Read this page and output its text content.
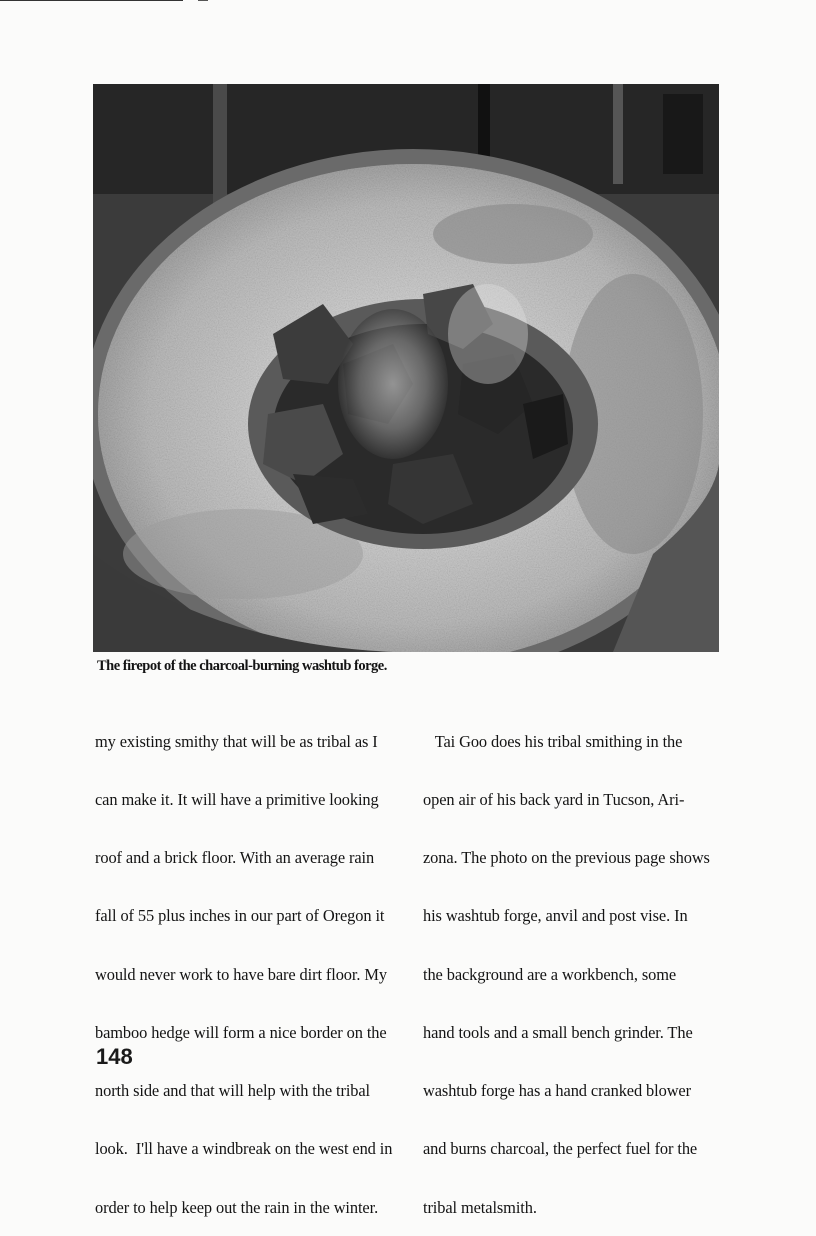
The firepot of the charcoal-burning washtub forge.

my existing smithy that will be as tribal as I

can make it. It will have a primitive looking

roof and a brick floor. With an average rain

fall of 55 plus inches in our part of Oregon it

would never work to have bare dirt floor. My

bamboo hedge will form a nice border on the

north side and that will help with the tribal

look.  I'll have a windbreak on the west end in

order to help keep out the rain in the winter.

Tai Goo does his tribal smithing in the

open air of his back yard in Tucson, Ari-

zona. The photo on the previous page shows

his washtub forge, anvil and post vise. In

the background are a workbench, some

hand tools and a small bench grinder. The

washtub forge has a hand cranked blower

and burns charcoal, the perfect fuel for the

tribal metalsmith.

148
